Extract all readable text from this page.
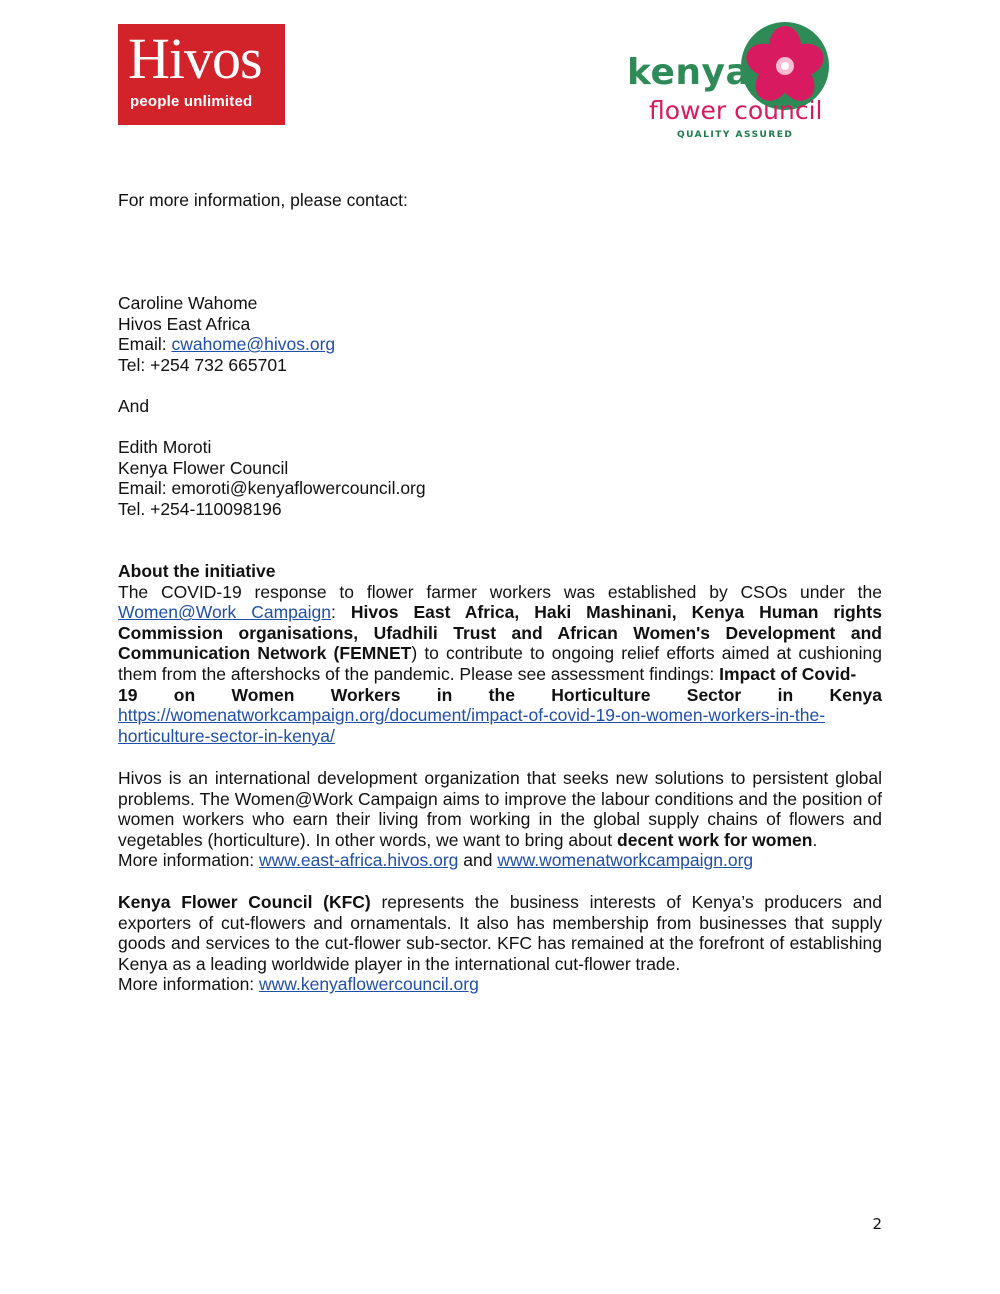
Hivos
people unlimited
kenya
flower council
QUALITY ASSURED
For more information, please contact:
Caroline Wahome
Hivos East Africa
Email: cwahome@hivos.org
Tel: +254 732 665701
And
Edith Moroti
Kenya Flower Council
Email: emoroti@kenyaflowercouncil.org
Tel. +254-110098196
About the initiative
The COVID-19 response to flower farmer workers was established by CSOs under the Women@Work Campaign: Hivos East Africa, Haki Mashinani, Kenya Human rights Commission organisations, Ufadhili Trust and African Women's Development and Communication Network (FEMNET) to contribute to ongoing relief efforts aimed at cushioning them from the aftershocks of the pandemic. Please see assessment findings: Impact of Covid-
19 on Women Workers in the Horticulture Sector in Kenya
https://womenatworkcampaign.org/document/impact-of-covid-19-on-women-workers-in-the-
horticulture-sector-in-kenya/
Hivos is an international development organization that seeks new solutions to persistent global problems. The Women@Work Campaign aims to improve the labour conditions and the position of women workers who earn their living from working in the global supply chains of flowers and vegetables (horticulture). In other words, we want to bring about decent work for women.
More information: www.east-africa.hivos.org and www.womenatworkcampaign.org
Kenya Flower Council (KFC) represents the business interests of Kenya’s producers and exporters of cut-flowers and ornamentals. It also has membership from businesses that supply goods and services to the cut-flower sub-sector. KFC has remained at the forefront of establishing Kenya as a leading worldwide player in the international cut-flower trade.
More information: www.kenyaflowercouncil.org
2
